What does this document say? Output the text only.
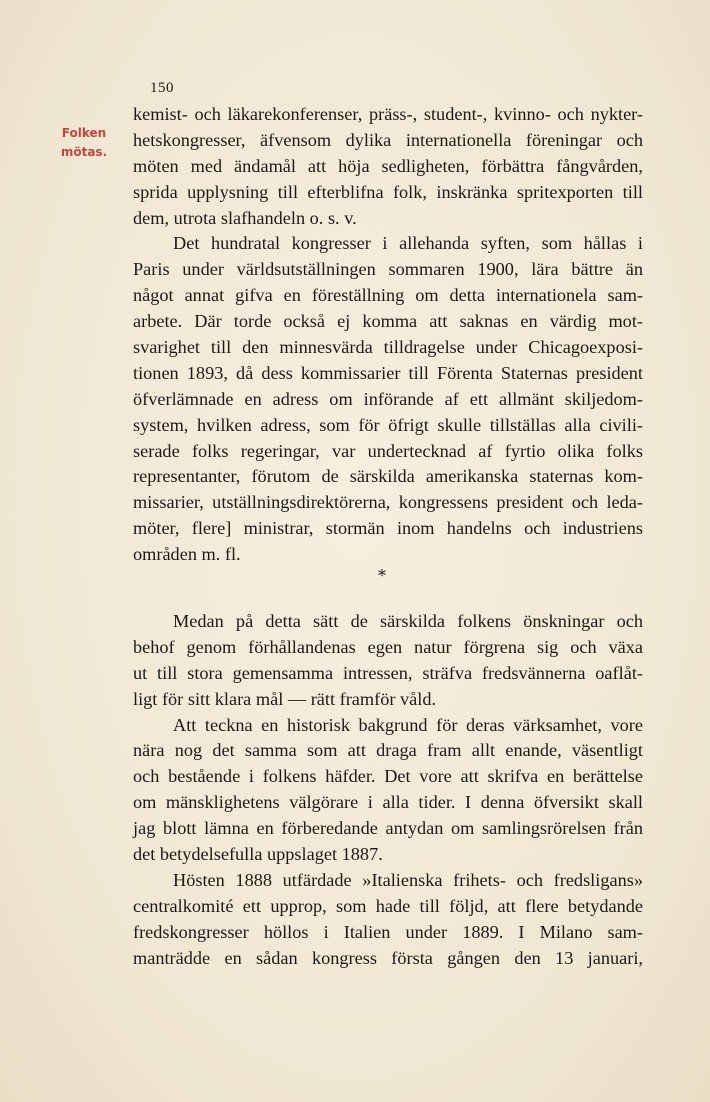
150
Folken
mötas.
kemist- och läkarekonferenser, präss-, student-, kvinno- och nykter-
hetskongresser, äfvensom dylika internationella föreningar och
möten med ändamål att höja sedligheten, förbättra fångvården,
sprida upplysning till efterblifna folk, inskränka spritexporten till
dem, utrota slafhandeln o. s. v.
Det hundratal kongresser i allehanda syften, som hållas i
Paris under världsutställningen sommaren 1900, lära bättre än
något annat gifva en föreställning om detta internationela sam-
arbete. Där torde också ej komma att saknas en värdig mot-
svarighet till den minnesvärda tilldragelse under Chicagoexposi-
tionen 1893, då dess kommissarier till Förenta Staternas president
öfverlämnade en adress om införande af ett allmänt skiljedom-
system, hvilken adress, som för öfrigt skulle tillställas alla civili-
serade folks regeringar, var undertecknad af fyrtio olika folks
representanter, förutom de särskilda amerikanska staternas kom-
missarier, utställningsdirektörerna, kongressens president och leda-
möter, flere] ministrar, stormän inom handelns och industriens
områden m. fl.
*
Medan på detta sätt de särskilda folkens önskningar och
behof genom förhållandenas egen natur förgrena sig och växa
ut till stora gemensamma intressen, sträfva fredsvännerna oaflåt-
ligt för sitt klara mål — rätt framför våld.
Att teckna en historisk bakgrund för deras värksamhet, vore
nära nog det samma som att draga fram allt enande, väsentligt
och bestående i folkens häfder. Det vore att skrifva en berättelse
om mänsklighetens välgörare i alla tider. I denna öfversikt skall
jag blott lämna en förberedande antydan om samlingsrörelsen från
det betydelsefulla uppslaget 1887.
Hösten 1888 utfärdade »Italienska frihets- och fredsligans»
centralkomité ett upprop, som hade till följd, att flere betydande
fredskongresser höllos i Italien under 1889. I Milano sam-
manträdde en sådan kongress första gången den 13 januari,
